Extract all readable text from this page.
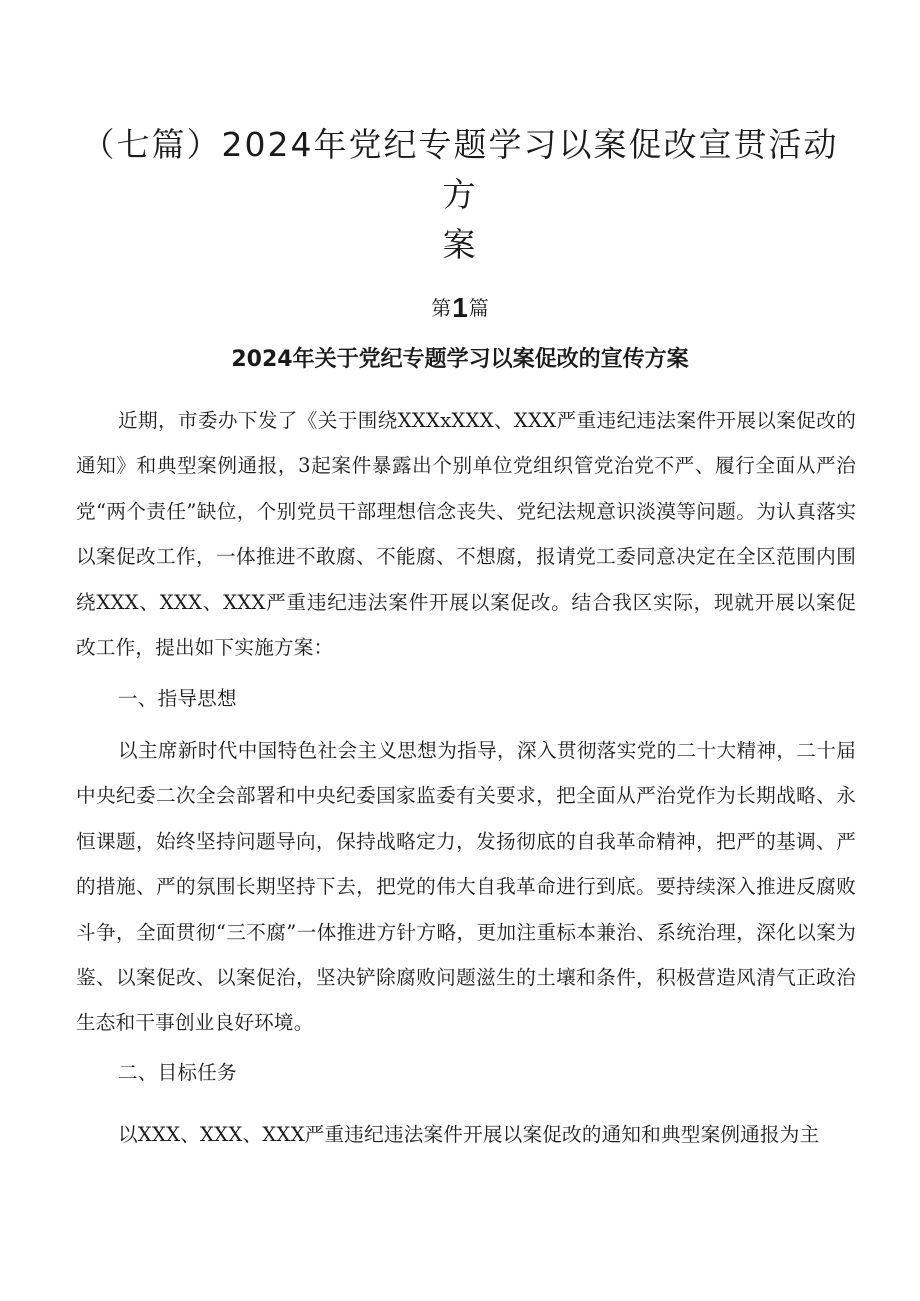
（七篇）2024年党纪专题学习以案促改宣贯活动方
案
第1篇
2024年关于党纪专题学习以案促改的宣传方案

近期，市委办下发了《关于围绕XXXxXXX、XXX严重违纪违法案件开展以案促改的通知》和典型案例通报，3起案件暴露出个别单位党组织管党治党不严、履行全面从严治党“两个责任”缺位，个别党员干部理想信念丧失、党纪法规意识淡漠等问题。为认真落实以案促改工作，一体推进不敢腐、不能腐、不想腐，报请党工委同意决定在全区范围内围绕XXX、XXX、XXX严重违纪违法案件开展以案促改。结合我区实际，现就开展以案促改工作，提出如下实施方案：

一、指导思想

以主席新时代中国特色社会主义思想为指导，深入贯彻落实党的二十大精神，二十届中央纪委二次全会部署和中央纪委国家监委有关要求，把全面从严治党作为长期战略、永恒课题，始终坚持问题导向，保持战略定力，发扬彻底的自我革命精神，把严的基调、严的措施、严的氛围长期坚持下去，把党的伟大自我革命进行到底。要持续深入推进反腐败斗争，全面贯彻“三不腐”一体推进方针方略，更加注重标本兼治、系统治理，深化以案为鉴、以案促改、以案促治，坚决铲除腐败问题滋生的土壤和条件，积极营造风清气正政治生态和干事创业良好环境。

二、目标任务

以XXX、XXX、XXX严重违纪违法案件开展以案促改的通知和典型案例通报为主
